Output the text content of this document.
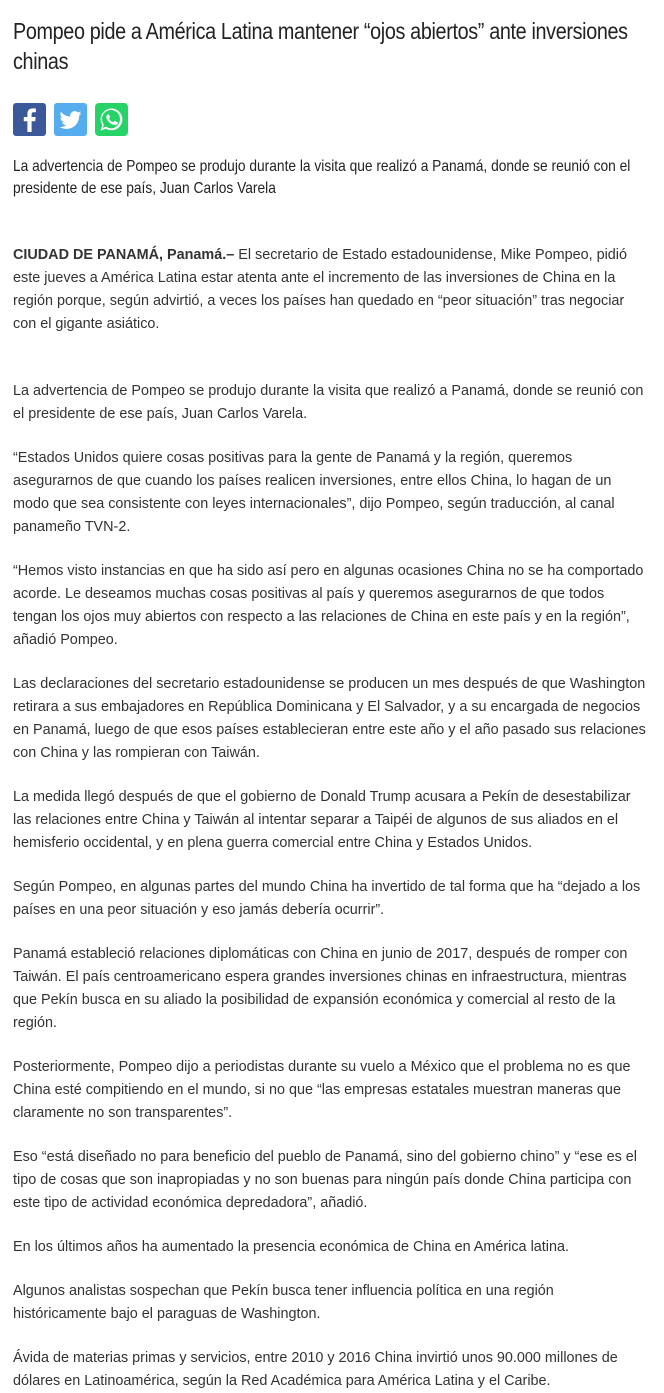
Pompeo pide a América Latina mantener “ojos abiertos” ante inversiones chinas
La advertencia de Pompeo se produjo durante la visita que realizó a Panamá, donde se reunió con el presidente de ese país, Juan Carlos Varela

CIUDAD DE PANAMÁ, Panamá.– El secretario de Estado estadounidense, Mike Pompeo, pidió este jueves a América Latina estar atenta ante el incremento de las inversiones de China en la región porque, según advirtió, a veces los países han quedado en “peor situación” tras negociar con el gigante asiático.

La advertencia de Pompeo se produjo durante la visita que realizó a Panamá, donde se reunió con el presidente de ese país, Juan Carlos Varela.

“Estados Unidos quiere cosas positivas para la gente de Panamá y la región, queremos asegurarnos de que cuando los países realicen inversiones, entre ellos China, lo hagan de un modo que sea consistente con leyes internacionales”, dijo Pompeo, según traducción, al canal panameño TVN-2.

“Hemos visto instancias en que ha sido así pero en algunas ocasiones China no se ha comportado acorde. Le deseamos muchas cosas positivas al país y queremos asegurarnos de que todos tengan los ojos muy abiertos con respecto a las relaciones de China en este país y en la región”, añadió Pompeo.

Las declaraciones del secretario estadounidense se producen un mes después de que Washington retirara a sus embajadores en República Dominicana y El Salvador, y a su encargada de negocios en Panamá, luego de que esos países establecieran entre este año y el año pasado sus relaciones con China y las rompieran con Taiwán.

La medida llegó después de que el gobierno de Donald Trump acusara a Pekín de desestabilizar las relaciones entre China y Taiwán al intentar separar a Taipéi de algunos de sus aliados en el hemisferio occidental, y en plena guerra comercial entre China y Estados Unidos.

Según Pompeo, en algunas partes del mundo China ha invertido de tal forma que ha “dejado a los países en una peor situación y eso jamás debería ocurrir”.

Panamá estableció relaciones diplomáticas con China en junio de 2017, después de romper con Taiwán. El país centroamericano espera grandes inversiones chinas en infraestructura, mientras que Pekín busca en su aliado la posibilidad de expansión económica y comercial al resto de la región.

Posteriormente, Pompeo dijo a periodistas durante su vuelo a México que el problema no es que China esté compitiendo en el mundo, si no que “las empresas estatales muestran maneras que claramente no son transparentes”.

Eso “está diseñado no para beneficio del pueblo de Panamá, sino del gobierno chino” y “ese es el tipo de cosas que son inapropiadas y no son buenas para ningún país donde China participa con este tipo de actividad económica depredadora”, añadió.

En los últimos años ha aumentado la presencia económica de China en América latina.

Algunos analistas sospechan que Pekín busca tener influencia política en una región históricamente bajo el paraguas de Washington.

Ávida de materias primas y servicios, entre 2010 y 2016 China invirtió unos 90.000 millones de dólares en Latinoamérica, según la Red Académica para América Latina y el Caribe.
